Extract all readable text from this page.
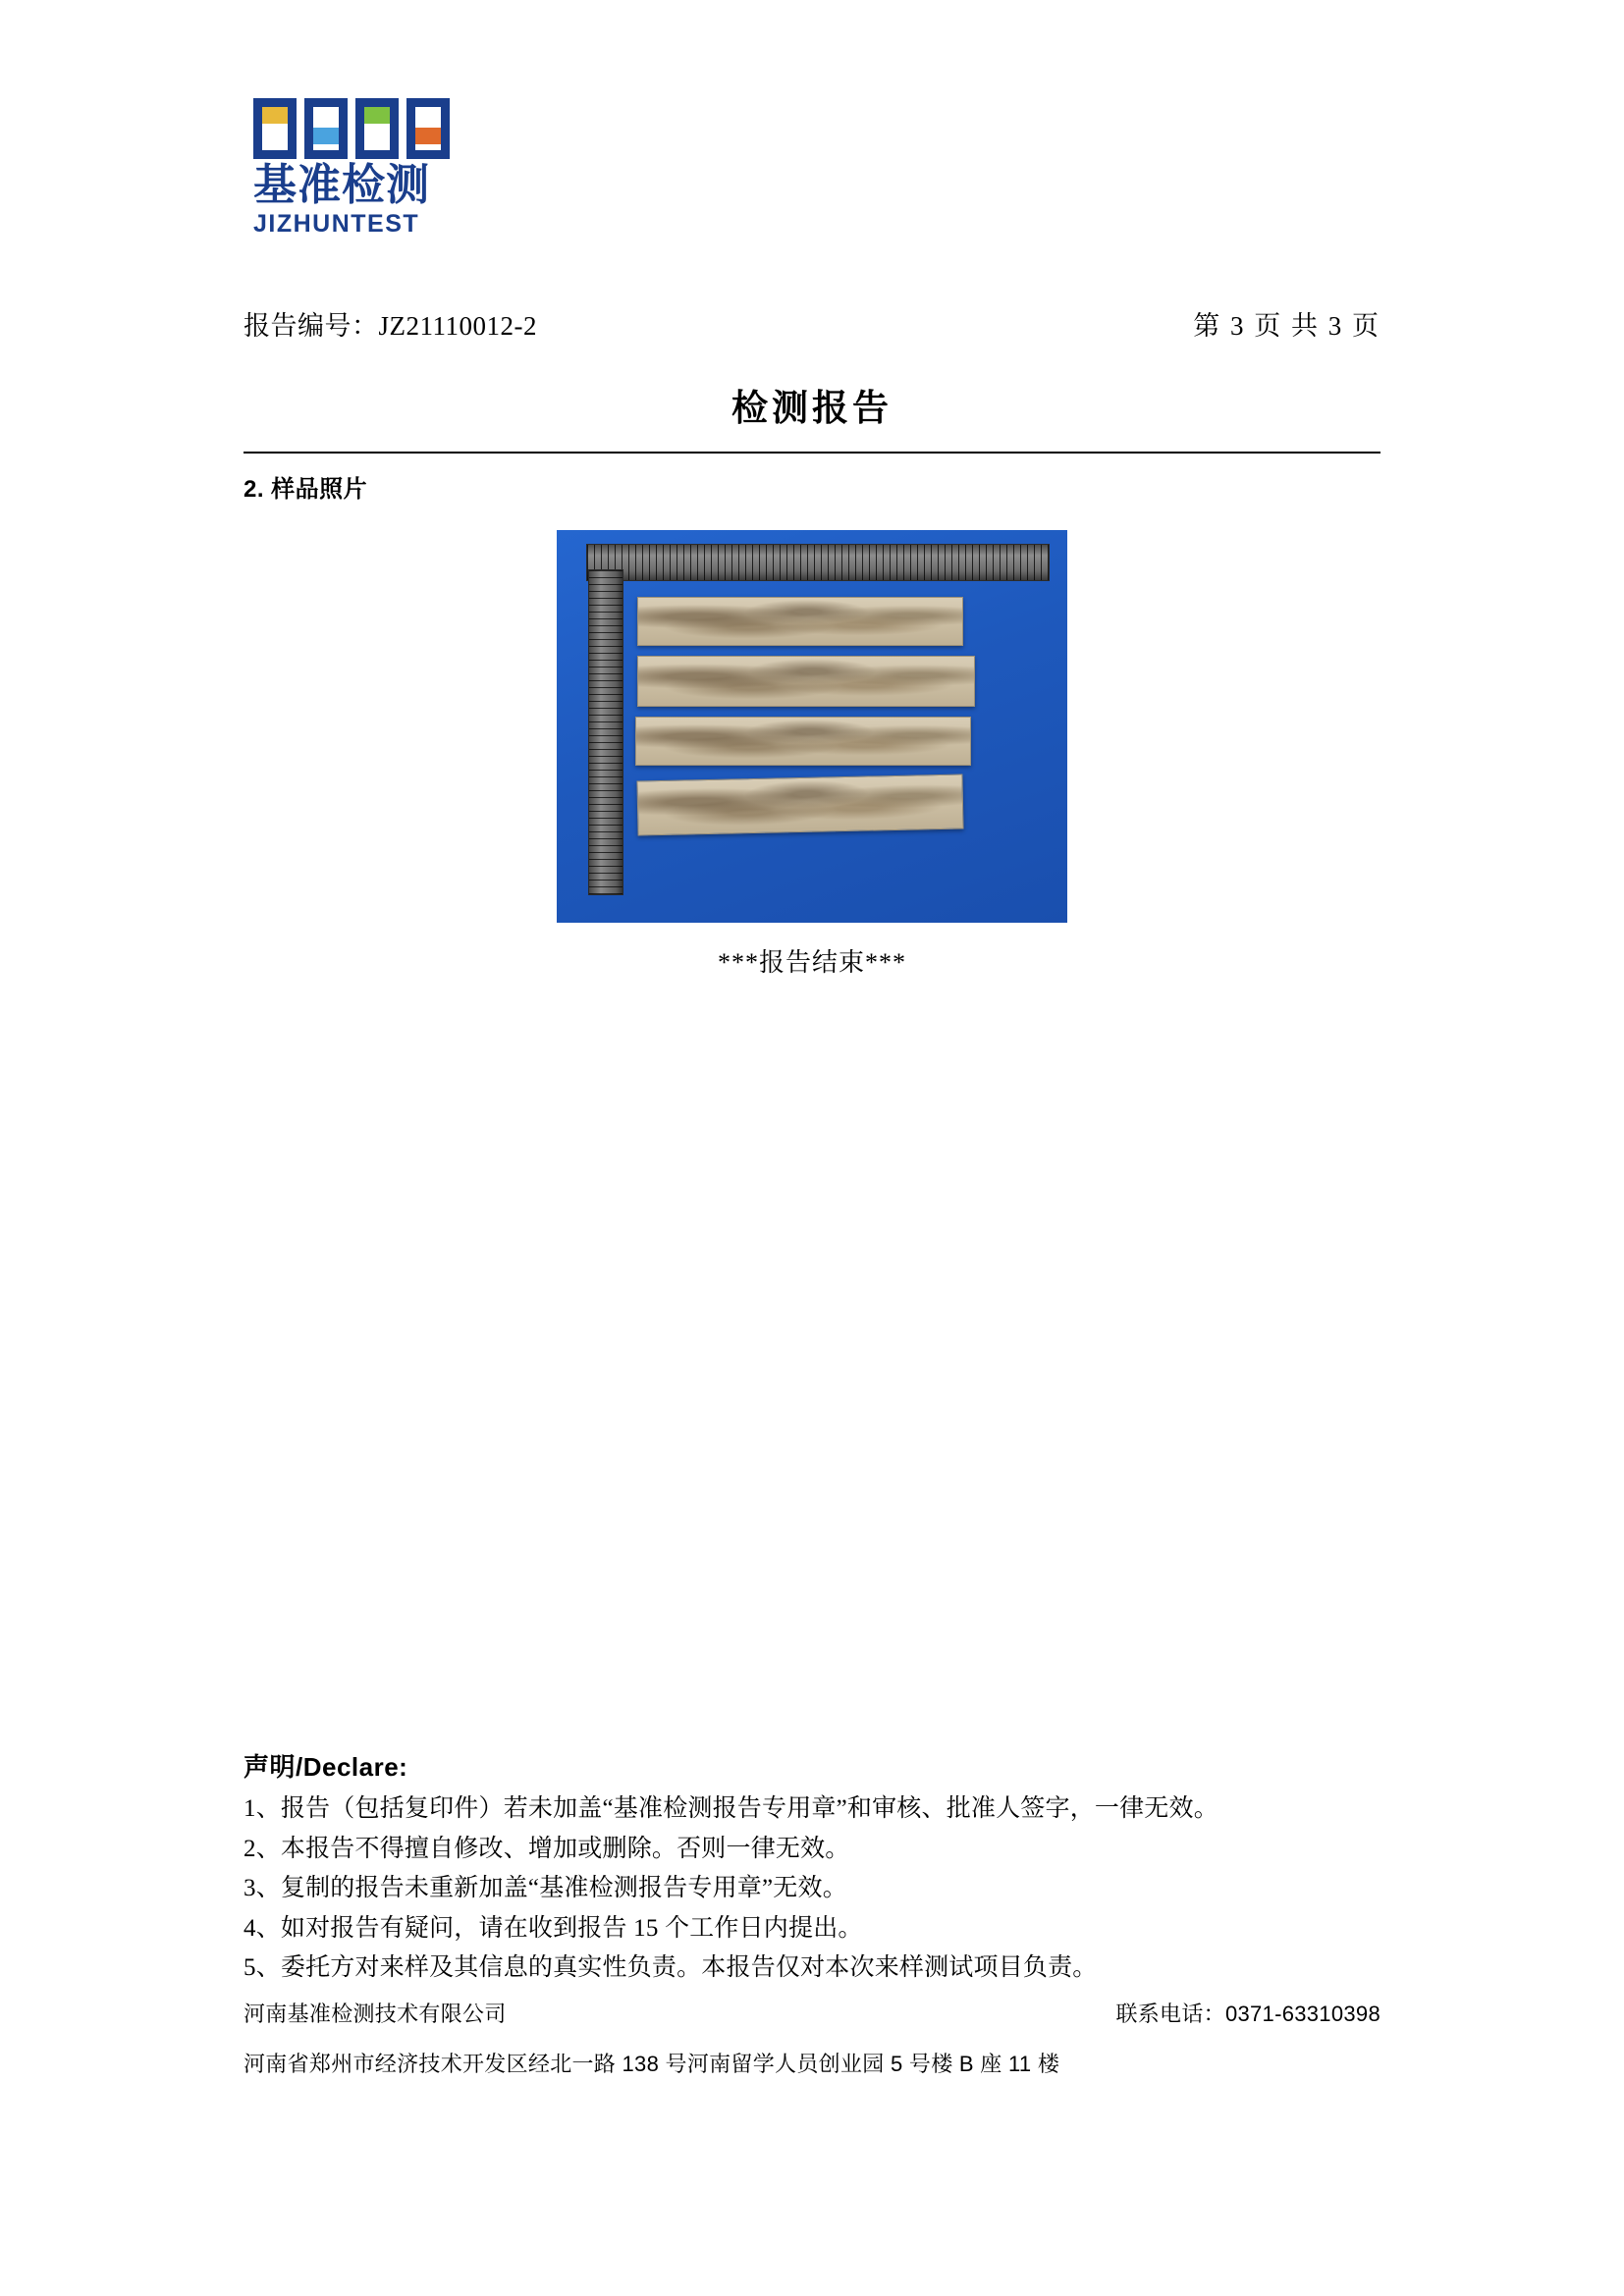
基准检测
JIZHUNTEST
报告编号：JZ21110012-2	第 3 页 共 3 页
检测报告
2. 样品照片
***报告结束***
声明/Declare:
1、报告（包括复印件）若未加盖“基准检测报告专用章”和审核、批准人签字，一律无效。
2、本报告不得擅自修改、增加或删除。否则一律无效。
3、复制的报告未重新加盖“基准检测报告专用章”无效。
4、如对报告有疑问，请在收到报告 15 个工作日内提出。
5、委托方对来样及其信息的真实性负责。本报告仅对本次来样测试项目负责。
河南基准检测技术有限公司	联系电话：0371-63310398
河南省郑州市经济技术开发区经北一路 138 号河南留学人员创业园 5 号楼 B 座 11 楼
